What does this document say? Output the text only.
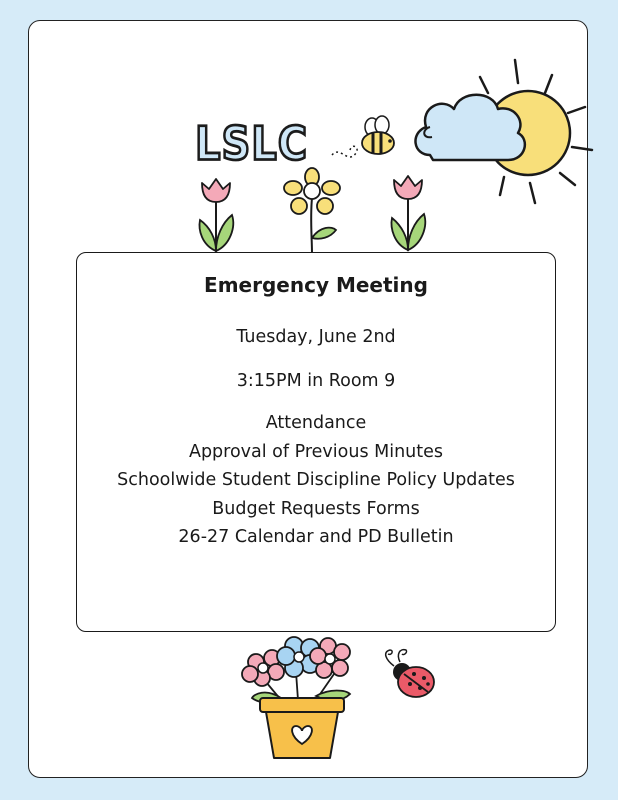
LSLC
Emergency Meeting
Tuesday, June 2nd
3:15PM in Room 9
Attendance
Approval of Previous Minutes
Schoolwide Student Discipline Policy Updates
Budget Requests Forms
26-27 Calendar and PD Bulletin
